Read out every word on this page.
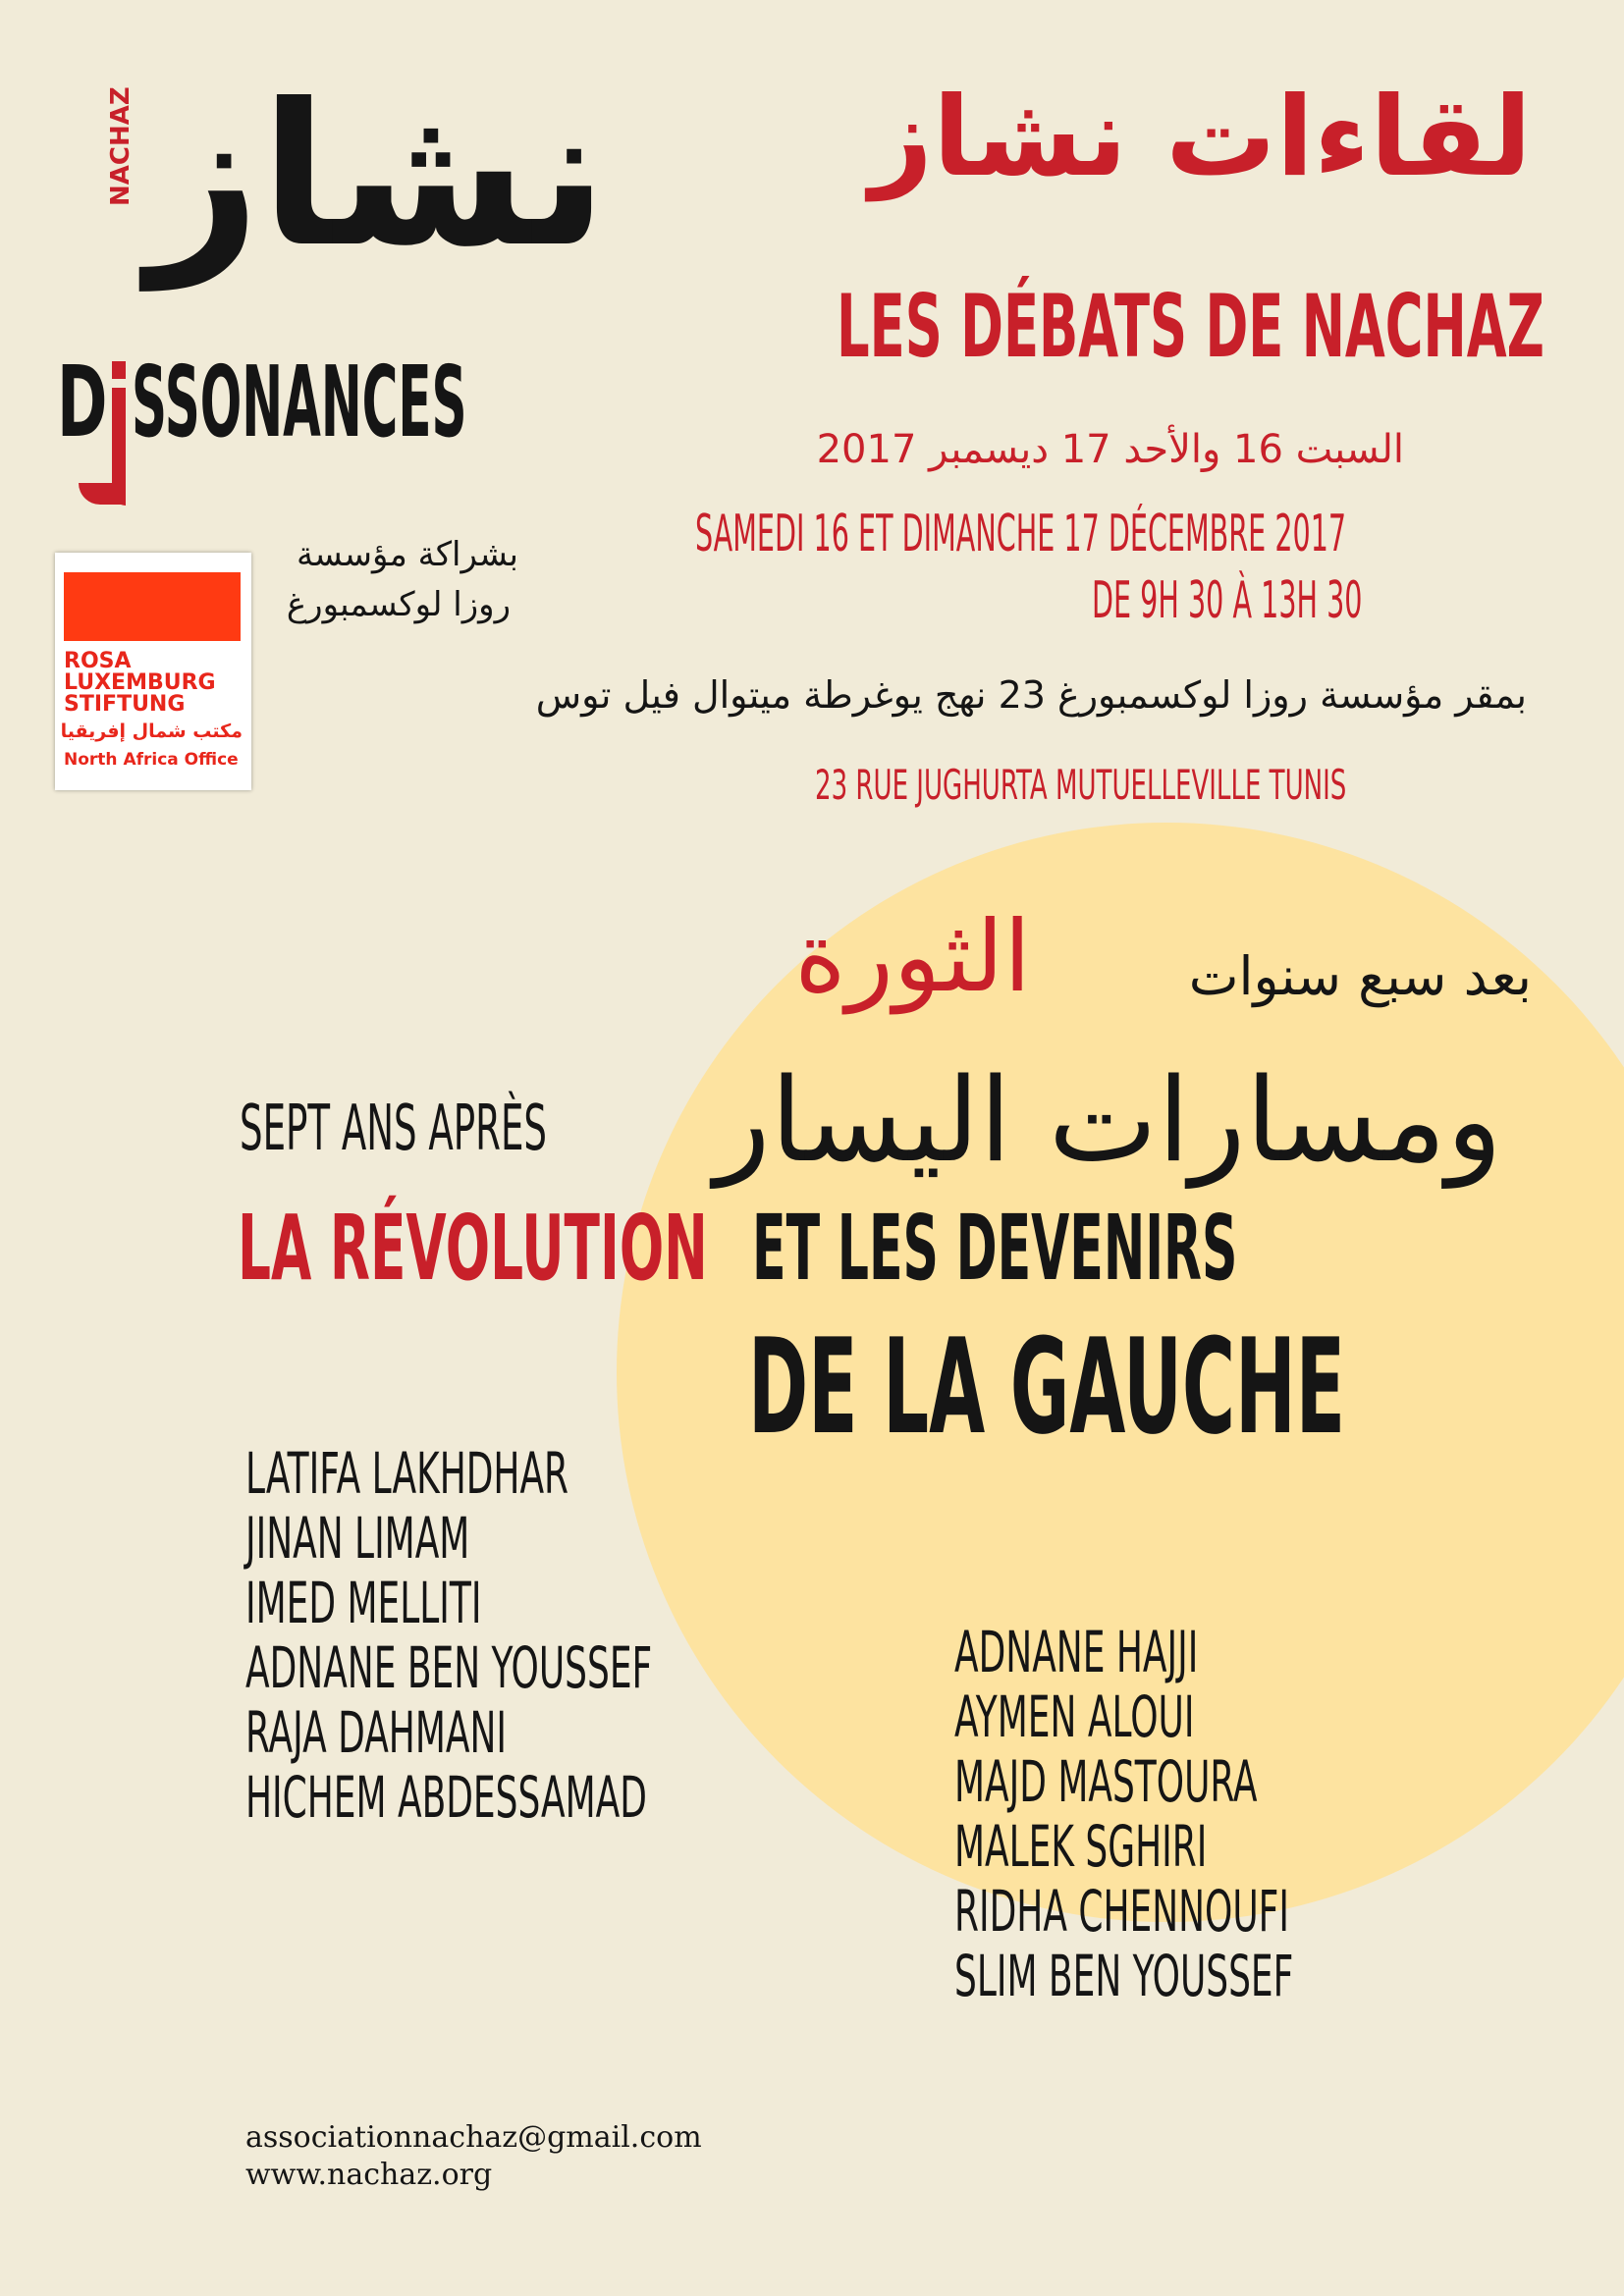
نشاز
NACHAZ
D SSONANCES
بشراكة مؤسسة
روزا لوكسمبورغ
ROSA
LUXEMBURG
STIFTUNG
مكتب شمال إفريقيا
North Africa Office
لقاءات نشاز
LES DÉBATS DE NACHAZ
السبت 16 والأحد 17 ديسمبر 2017
SAMEDI 16 ET DIMANCHE 17 DÉCEMBRE 2017
DE 9H 30 À 13H 30
بمقر مؤسسة روزا لوكسمبورغ 23 نهج يوغرطة ميتوال فيل توس
23 RUE JUGHURTA MUTUELLEVILLE TUNIS
الثورة	بعد سبع سنوات
SEPT ANS APRÈS	ومسارات اليسار
LA RÉVOLUTION ET LES DEVENIRS
DE LA GAUCHE
LATIFA LAKHDHAR
JINAN LIMAM
IMED MELLITI
ADNANE BEN YOUSSEF
RAJA DAHMANI
HICHEM ABDESSAMAD
ADNANE HAJJI
AYMEN ALOUI
MAJD MASTOURA
MALEK SGHIRI
RIDHA CHENNOUFI
SLIM BEN YOUSSEF
associationnachaz@gmail.com
www.nachaz.org
